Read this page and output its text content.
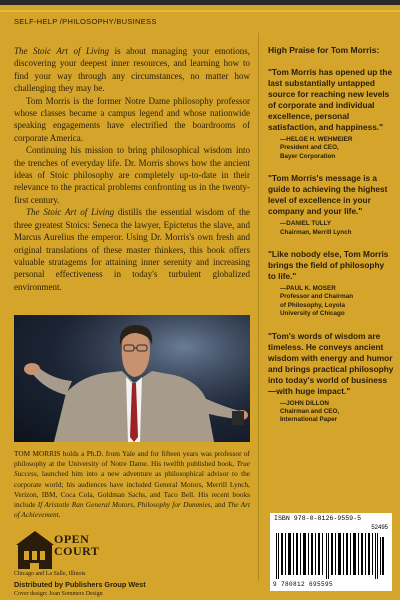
SELF-HELP /PHILOSOPHY/BUSINESS

The Stoic Art of Living is about managing your emotions, discovering your deepest inner resources, and learning how to find your way through any circumstances, no matter how challenging they may be.

Tom Morris is the former Notre Dame philosophy professor whose classes became a campus legend and whose nationwide speaking engagements have electrified the boardrooms of corporate America.

Continuing his mission to bring philosophical wisdom into the trenches of everyday life. Dr. Morris shows how the ancient ideas of Stoic philosophy are completely up-to-date in their relevance to the practical problems confronting us in the twenty-first century.

The Stoic Art of Living distills the essential wisdom of the three greatest Stoics: Seneca the lawyer, Epictetus the slave, and Marcus Aurelius the emperor. Using Dr. Morris's own fresh and original translations of these master thinkers, this book offers valuable stratagems for attaining inner serenity and increasing personal effectiveness in today's turbulent globalized environment.

TOM MORRIS holds a Ph.D. from Yale and for fifteen years was professor of philosophy at the University of Notre Dame. His twelfth published book, True Success, launched him into a new adventure as philosophical advisor to the corporate world; his audiences have included General Motors, Merrill Lynch, Verizon, IBM, Coca Cola, Goldman Sachs, and Taco Bell. His recent books include If Aristotle Ran General Motors, Philosophy for Dummies, and The Art of Achievement.
OPEN
COURT
Chicago and La Salle, Illinois
Distributed by Publishers Group West
Cover design: Joan Sommers Design
High Praise for Tom Morris:

"Tom Morris has opened up the last substantially untapped source for reaching new levels of corporate and individual excellence, personal satisfaction, and happiness."

—HELGE H. WEHMEIER
President and CEO,
Bayer Corporation

"Tom Morris's message is a guide to achieving the highest level of excellence in your company and your life."

—DANIEL TULLY
Chairman, Merrill Lynch

"Like nobody else, Tom Morris brings the field of philosophy to life."

—PAUL K. MOSER
Professor and Chairman
of Philosophy, Loyola
University of Chicago

"Tom's words of wisdom are timeless. He conveys ancient wisdom with energy and humor and brings practical philosophy into today's world of business—with huge impact."

—JOHN DILLON
Chairman and CEO,
International Paper
ISBN 978-0-8126-9559-5
52495
9 780812 695595
